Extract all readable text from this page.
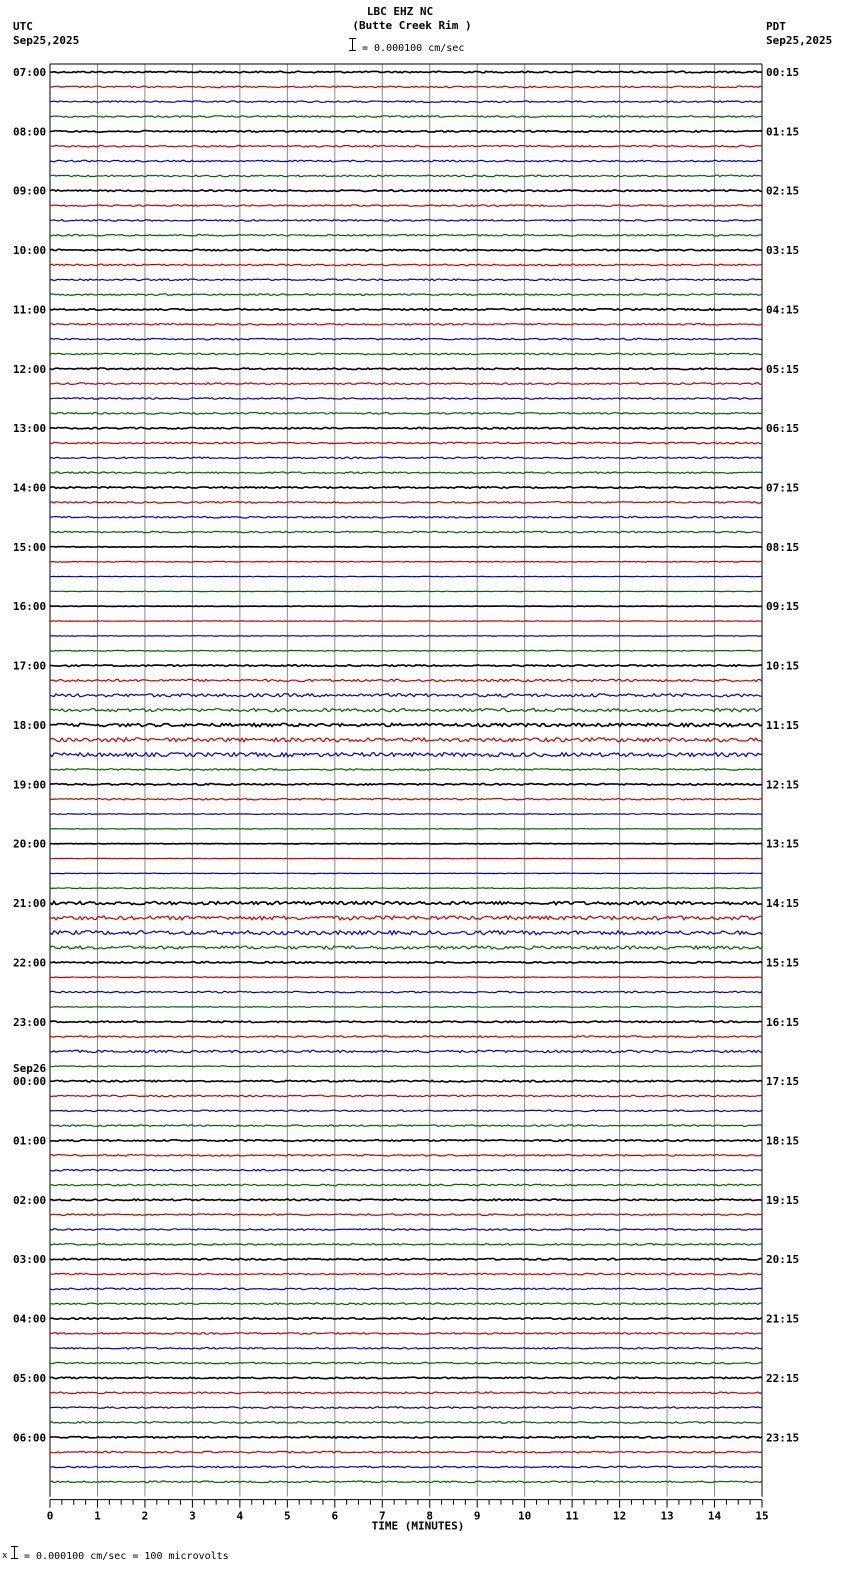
LBC EHZ NC
(Butte Creek Rim )
= 0.000100 cm/sec
UTC
Sep25,2025
PDT
Sep25,2025
0	1	2	3	4	5	6	7	8	9	10	11	12	13	14	15
TIME (MINUTES)
07:00
08:00
09:00
10:00
11:00
12:00
13:00
14:00
15:00
16:00
17:00
18:00
19:00
20:00
21:00
22:00
23:00
00:00
Sep26
01:00
02:00
03:00
04:00
05:00
06:00
00:15
01:15
02:15
03:15
04:15
05:15
06:15
07:15
08:15
09:15
10:15
11:15
12:15
13:15
14:15
15:15
16:15
17:15
18:15
19:15
20:15
21:15
22:15
23:15
x = 0.000100 cm/sec = 100 microvolts
